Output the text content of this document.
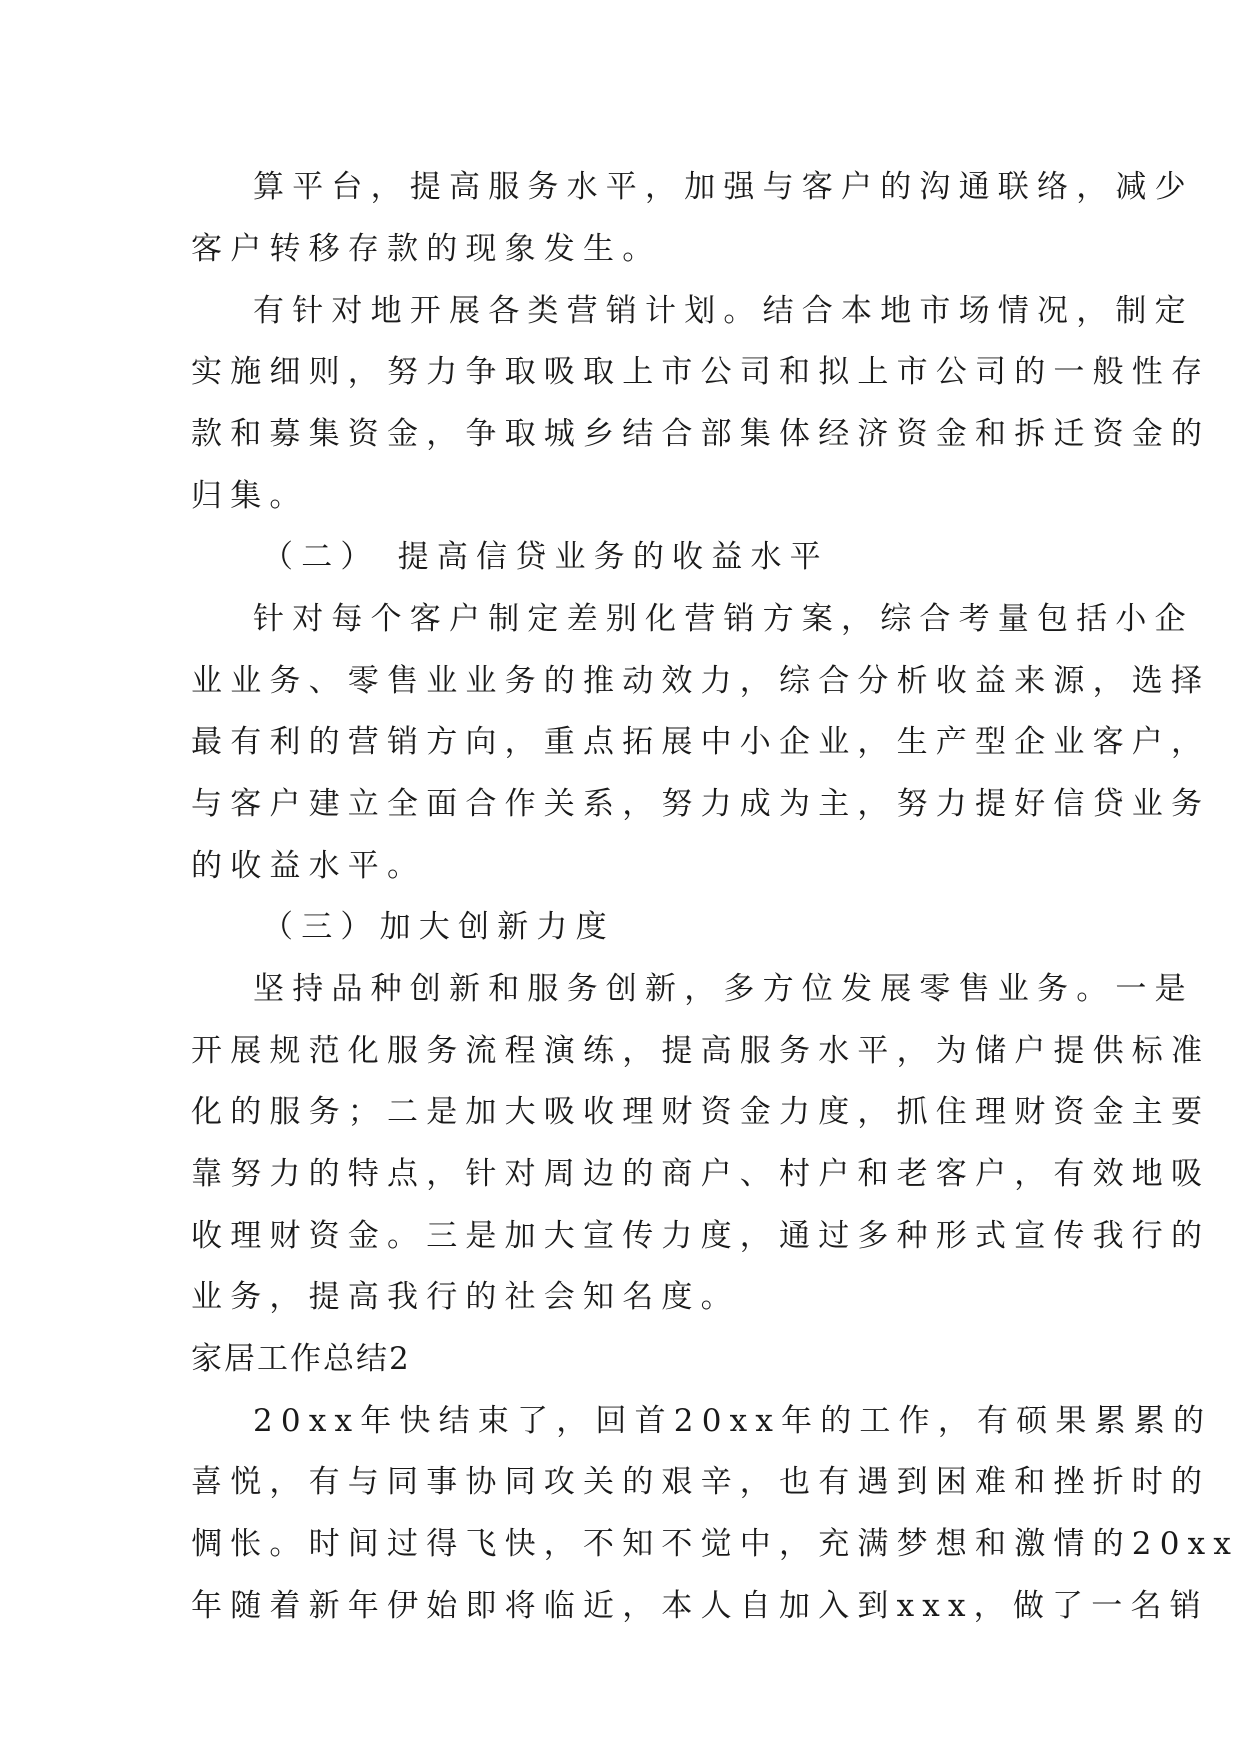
算平台，提高服务水平，加强与客户的沟通联络，减少
客户转移存款的现象发生。
有针对地开展各类营销计划。结合本地市场情况，制定
实施细则，努力争取吸取上市公司和拟上市公司的一般性存
款和募集资金，争取城乡结合部集体经济资金和拆迁资金的
归集。
（二） 提高信贷业务的收益水平
针对每个客户制定差别化营销方案，综合考量包括小企
业业务、零售业业务的推动效力，综合分析收益来源，选择
最有利的营销方向，重点拓展中小企业，生产型企业客户，
与客户建立全面合作关系，努力成为主，努力提好信贷业务
的收益水平。
（三）加大创新力度
坚持品种创新和服务创新，多方位发展零售业务。一是
开展规范化服务流程演练，提高服务水平，为储户提供标准
化的服务；二是加大吸收理财资金力度，抓住理财资金主要
靠努力的特点，针对周边的商户、村户和老客户，有效地吸
收理财资金。三是加大宣传力度，通过多种形式宣传我行的
业务，提高我行的社会知名度。
家居工作总结2
20xx年快结束了，回首20xx年的工作，有硕果累累的
喜悦，有与同事协同攻关的艰辛，也有遇到困难和挫折时的
惆怅。时间过得飞快，不知不觉中，充满梦想和激情的20xx
年随着新年伊始即将临近，本人自加入到xxx，做了一名销
